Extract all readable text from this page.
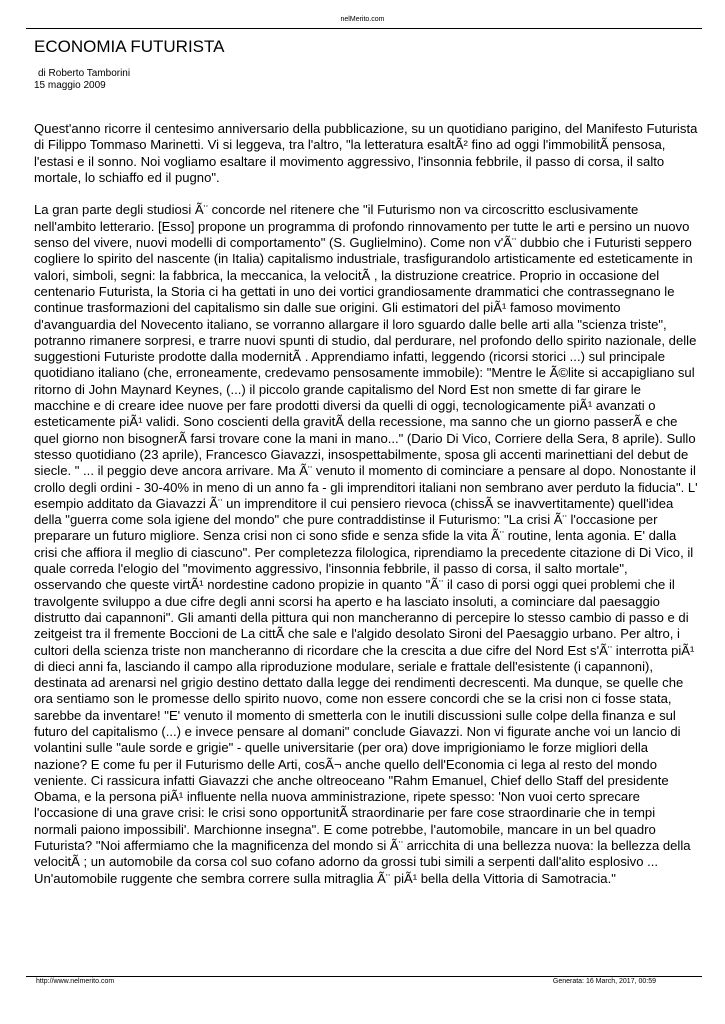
nelMerito.com
ECONOMIA FUTURISTA
di Roberto Tamborini
15 maggio 2009

Quest'anno ricorre il centesimo anniversario della pubblicazione, su un quotidiano parigino, del Manifesto Futurista di Filippo Tommaso Marinetti. Vi si leggeva, tra l'altro, "la letteratura esaltÃ² fino ad oggi l'immobilitÃ pensosa, l'estasi e il sonno. Noi vogliamo esaltare il movimento aggressivo, l'insonnia febbrile, il passo di corsa, il salto mortale, lo schiaffo ed il pugno".

La gran parte degli studiosi Ã¨ concorde nel ritenere che "il Futurismo non va circoscritto esclusivamente nell'ambito letterario. [Esso] propone un programma di profondo rinnovamento per tutte le arti e persino un nuovo senso del vivere, nuovi modelli di comportamento" (S. Guglielmino). Come non v'Ã¨ dubbio che i Futuristi seppero cogliere lo spirito del nascente (in Italia) capitalismo industriale, trasfigurandolo artisticamente ed esteticamente in valori, simboli, segni: la fabbrica, la meccanica, la velocitÃ , la distruzione creatrice. Proprio in occasione del centenario Futurista, la Storia ci ha gettati in uno dei vortici grandiosamente drammatici che contrassegnano le continue trasformazioni del capitalismo sin dalle sue origini. Gli estimatori del piÃ¹ famoso movimento d'avanguardia del Novecento italiano, se vorranno allargare il loro sguardo dalle belle arti alla "scienza triste", potranno rimanere sorpresi, e trarre nuovi spunti di studio, dal perdurare, nel profondo dello spirito nazionale, delle suggestioni Futuriste prodotte dalla modernitÃ . Apprendiamo infatti, leggendo (ricorsi storici ...) sul principale quotidiano italiano (che, erroneamente, credevamo pensosamente immobile): "Mentre le Ã©lite si accapigliano sul ritorno di John Maynard Keynes, (...) il piccolo grande capitalismo del Nord Est non smette di far girare le macchine e di creare idee nuove per fare prodotti diversi da quelli di oggi, tecnologicamente piÃ¹ avanzati o esteticamente piÃ¹ validi. Sono coscienti della gravitÃ della recessione, ma sanno che un giorno passerÃ e che quel giorno non bisognerÃ farsi trovare cone la mani in mano..." (Dario Di Vico, Corriere della Sera, 8 aprile). Sullo stesso quotidiano (23 aprile), Francesco Giavazzi, insospettabilmente, sposa gli accenti marinettiani del debut de siecle. " ... il peggio deve ancora arrivare. Ma Ã¨ venuto il momento di cominciare a pensare al dopo. Nonostante il crollo degli ordini - 30-40% in meno di un anno fa - gli imprenditori italiani non sembrano aver perduto la fiducia". L' esempio additato da Giavazzi Ã¨ un imprenditore il cui pensiero rievoca (chissÃ se inavvertitamente) quell'idea della "guerra come sola igiene del mondo" che pure contraddistinse il Futurismo: "La crisi Ã¨ l'occasione per preparare un futuro migliore. Senza crisi non ci sono sfide e senza sfide la vita Ã¨ routine, lenta agonia. E' dalla crisi che affiora il meglio di ciascuno". Per completezza filologica, riprendiamo la precedente citazione di Di Vico, il quale correda l'elogio del "movimento aggressivo, l'insonnia febbrile, il passo di corsa, il salto mortale", osservando che queste virtÃ¹ nordestine cadono propizie in quanto "Ã¨ il caso di porsi oggi quei problemi che il travolgente sviluppo a due cifre degli anni scorsi ha aperto e ha lasciato insoluti, a cominciare dal paesaggio distrutto dai capannoni". Gli amanti della pittura qui non mancheranno di percepire lo stesso cambio di passo e di zeitgeist tra il fremente Boccioni de La cittÃ che sale e l'algido desolato Sironi del Paesaggio urbano. Per altro, i cultori della scienza triste non mancheranno di ricordare che la crescita a due cifre del Nord Est s'Ã¨ interrotta piÃ¹ di dieci anni fa, lasciando il campo alla riproduzione modulare, seriale e frattale dell'esistente (i capannoni), destinata ad arenarsi nel grigio destino dettato dalla legge dei rendimenti decrescenti. Ma dunque, se quelle che ora sentiamo son le promesse dello spirito nuovo, come non essere concordi che se la crisi non ci fosse stata, sarebbe da inventare! "E' venuto il momento di smetterla con le inutili discussioni sulle colpe della finanza e sul futuro del capitalismo (...) e invece pensare al domani" conclude Giavazzi. Non vi figurate anche voi un lancio di volantini sulle "aule sorde e grigie" - quelle universitarie (per ora) dove imprigioniamo le forze migliori della nazione? E come fu per il Futurismo delle Arti, cosÃ¬ anche quello dell'Economia ci lega al resto del mondo veniente. Ci rassicura infatti Giavazzi che anche oltreoceano "Rahm Emanuel, Chief dello Staff del presidente Obama, e la persona piÃ¹ influente nella nuova amministrazione, ripete spesso: 'Non vuoi certo sprecare l'occasione di una grave crisi: le crisi sono opportunitÃ straordinarie per fare cose straordinarie che in tempi normali paiono impossibili'. Marchionne insegna". E come potrebbe, l'automobile, mancare in un bel quadro Futurista? "Noi affermiamo che la magnificenza del mondo si Ã¨ arricchita di una bellezza nuova: la bellezza della velocitÃ ; un automobile da corsa col suo cofano adorno da grossi tubi simili a serpenti dall'alito esplosivo ... Un'automobile ruggente che sembra correre sulla mitraglia Ã¨ piÃ¹ bella della Vittoria di Samotracia."

http://www.nelmerito.com	Generata: 16 March, 2017, 00:59
